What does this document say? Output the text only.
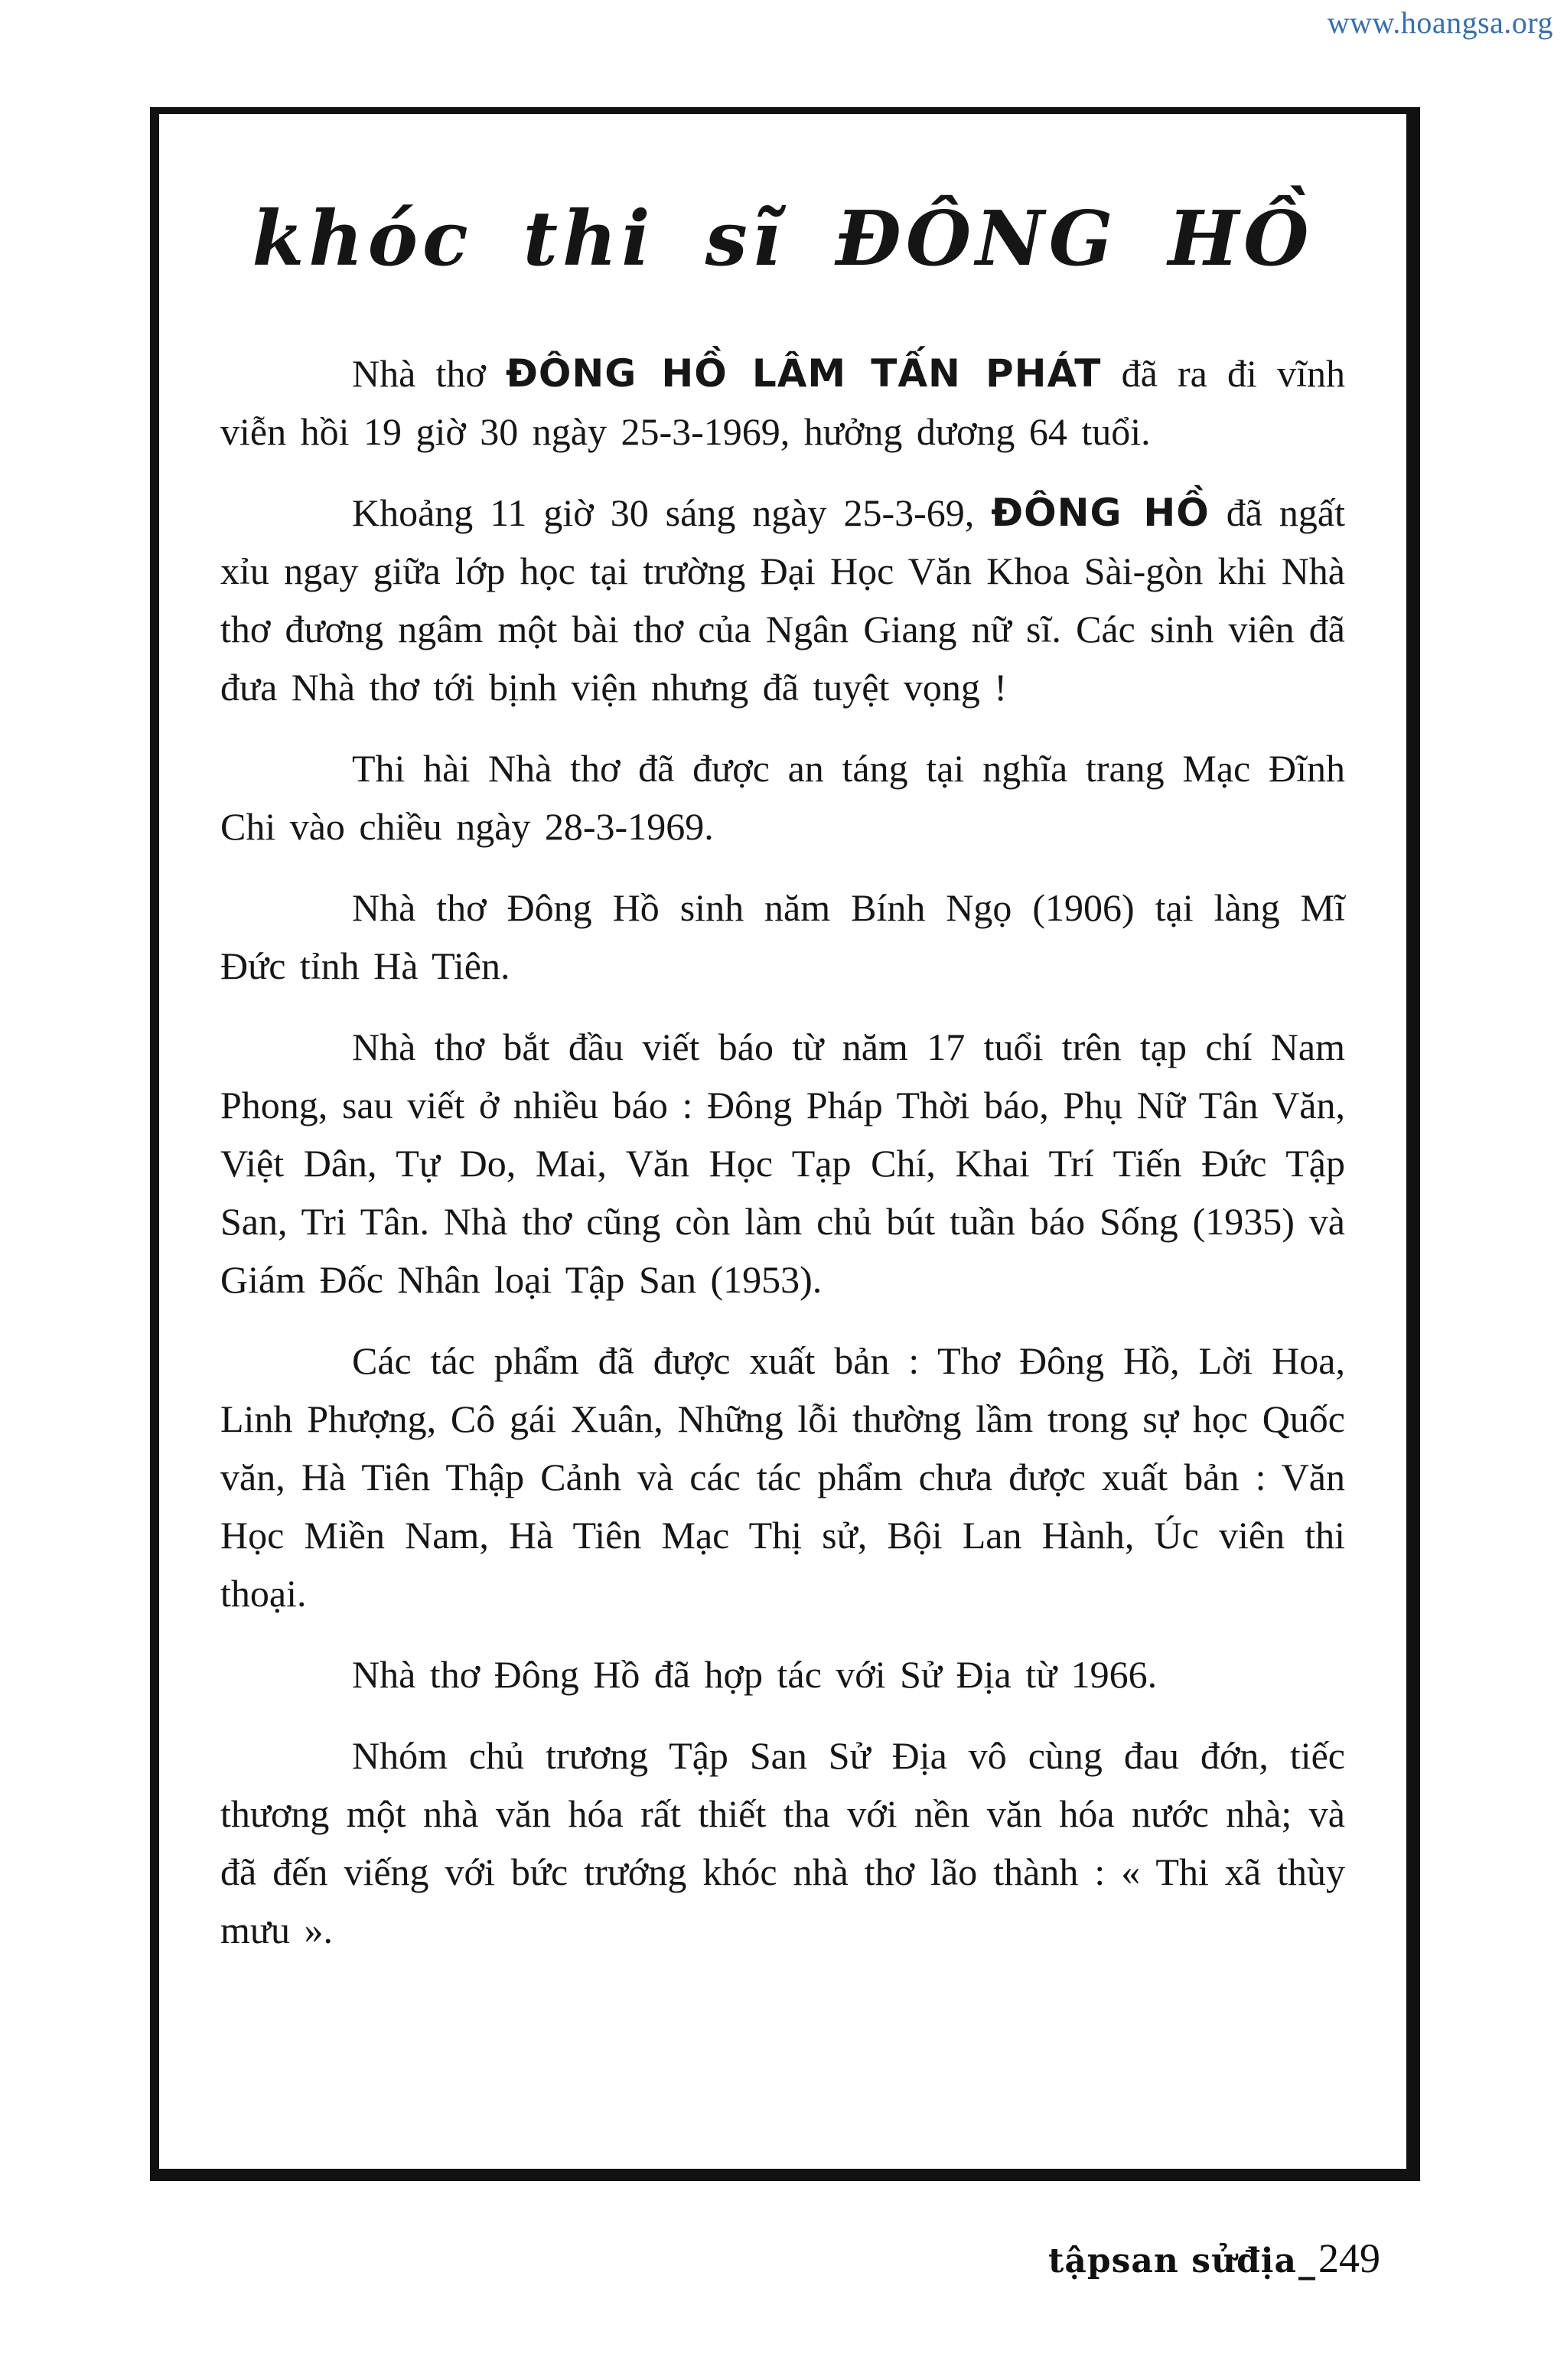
www.hoangsa.org
khóc thi sĩ ĐÔNG HỒ

Nhà thơ ĐÔNG HỒ LÂM TẤN PHÁT đã ra đi vĩnh viễn hồi 19 giờ 30 ngày 25-3-1969, hưởng dương 64 tuổi.

Khoảng 11 giờ 30 sáng ngày 25-3-69, ĐÔNG HỒ đã ngất xỉu ngay giữa lớp học tại trường Đại Học Văn Khoa Sài-gòn khi Nhà thơ đương ngâm một bài thơ của Ngân Giang nữ sĩ. Các sinh viên đã đưa Nhà thơ tới bịnh viện nhưng đã tuyệt vọng !

Thi hài Nhà thơ đã được an táng tại nghĩa trang Mạc Đĩnh Chi vào chiều ngày 28-3-1969.

Nhà thơ Đông Hồ sinh năm Bính Ngọ (1906) tại làng Mĩ Đức tỉnh Hà Tiên.

Nhà thơ bắt đầu viết báo từ năm 17 tuổi trên tạp chí Nam Phong, sau viết ở nhiều báo : Đông Pháp Thời báo, Phụ Nữ Tân Văn, Việt Dân, Tự Do, Mai, Văn Học Tạp Chí, Khai Trí Tiến Đức Tập San, Tri Tân. Nhà thơ cũng còn làm chủ bút tuần báo Sống (1935) và Giám Đốc Nhân loại Tập San (1953).

Các tác phẩm đã được xuất bản : Thơ Đông Hồ, Lời Hoa, Linh Phượng, Cô gái Xuân, Những lỗi thường lầm trong sự học Quốc văn, Hà Tiên Thập Cảnh và các tác phẩm chưa được xuất bản : Văn Học Miền Nam, Hà Tiên Mạc Thị sử, Bội Lan Hành, Úc viên thi thoại.

Nhà thơ Đông Hồ đã hợp tác với Sử Địa từ 1966.

Nhóm chủ trương Tập San Sử Địa vô cùng đau đớn, tiếc thương một nhà văn hóa rất thiết tha với nền văn hóa nước nhà; và đã đến viếng với bức trướng khóc nhà thơ lão thành : « Thi xã thùy mưu ».

tậpsan sửđịa_249
